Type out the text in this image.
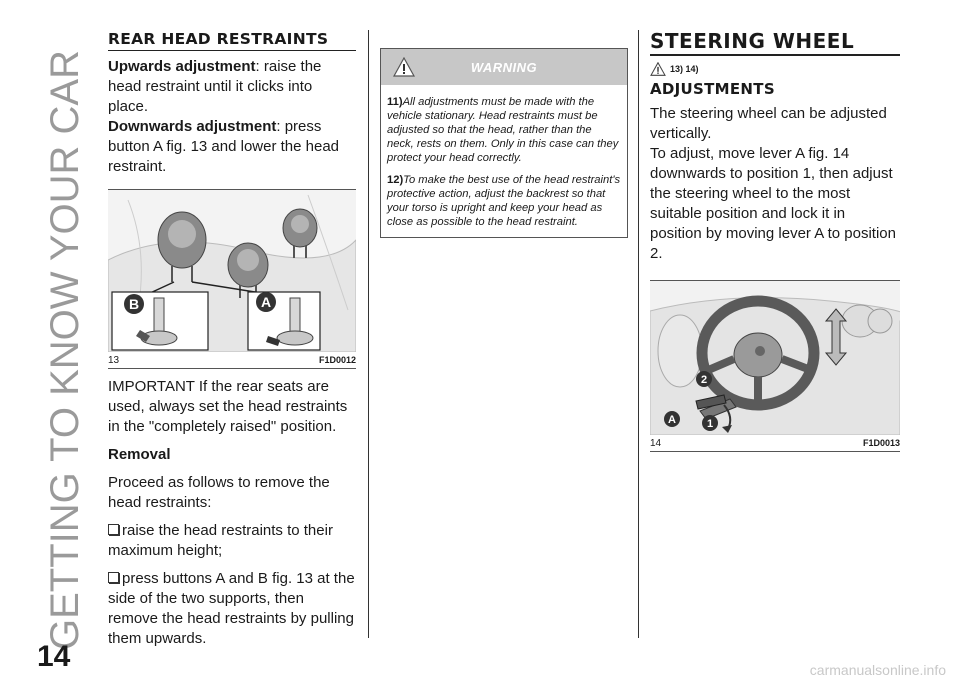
GETTING TO KNOW YOUR CAR
14
REAR HEAD RESTRAINTS

Upwards adjustment: raise the head restraint until it clicks into place.

Downwards adjustment: press button A fig. 13 and lower the head restraint.

B	A
13	F1D0012

IMPORTANT If the rear seats are used, always set the head restraints in the "completely raised" position.

Removal

Proceed as follows to remove the head restraints:

raise the head restraints to their maximum height;

press buttons A and B fig. 13 at the side of the two supports, then remove the head restraints by pulling them upwards.

WARNING

11)All adjustments must be made with the vehicle stationary. Head restraints must be adjusted so that the head, rather than the neck, rests on them. Only in this case can they protect your head correctly.

12)To make the best use of the head restraint's protective action, adjust the backrest so that your torso is upright and keep your head as close as possible to the head restraint.

STEERING WHEEL
13) 14)
ADJUSTMENTS

The steering wheel can be adjusted vertically.

To adjust, move lever A fig. 14 downwards to position 1, then adjust the steering wheel to the most suitable position and lock it in position by moving lever A to position 2.

2
A	1
14	F1D0013
carmanualsonline.info
